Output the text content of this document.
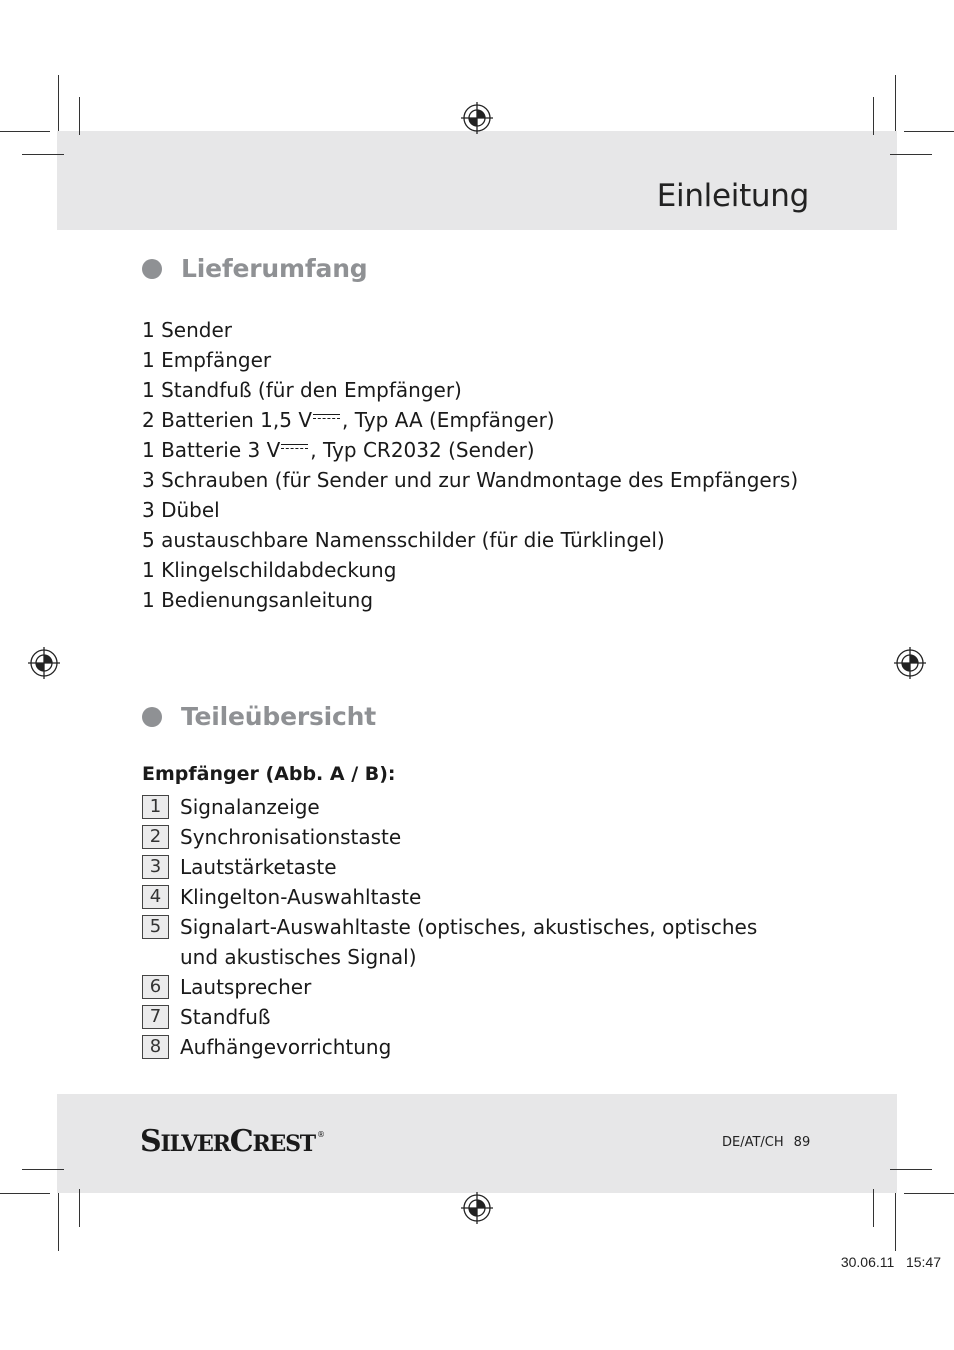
Einleitung
Lieferumfang
1 Sender
1 Empfänger
1 Standfuß (für den Empfänger)
2 Batterien 1,5 V , Typ AA (Empfänger)
1 Batterie 3 V , Typ CR2032 (Sender)
3 Schrauben (für Sender und zur Wandmontage des Empfängers)
3 Dübel
5 austauschbare Namensschilder (für die Türklingel)
1 Klingelschildabdeckung
1 Bedienungsanleitung
Teileübersicht
Empfänger (Abb. A / B):
1 Signalanzeige
2 Synchronisationstaste
3 Lautstärketaste
4 Klingelton-Auswahltaste
5 Signalart-Auswahltaste (optisches, akustisches, optisches und akustisches Signal)
6 Lautsprecher
7 Standfuß
8 Aufhängevorrichtung
S ILVER C REST ®
DE/AT/CH 89
30.06.11   15:47
